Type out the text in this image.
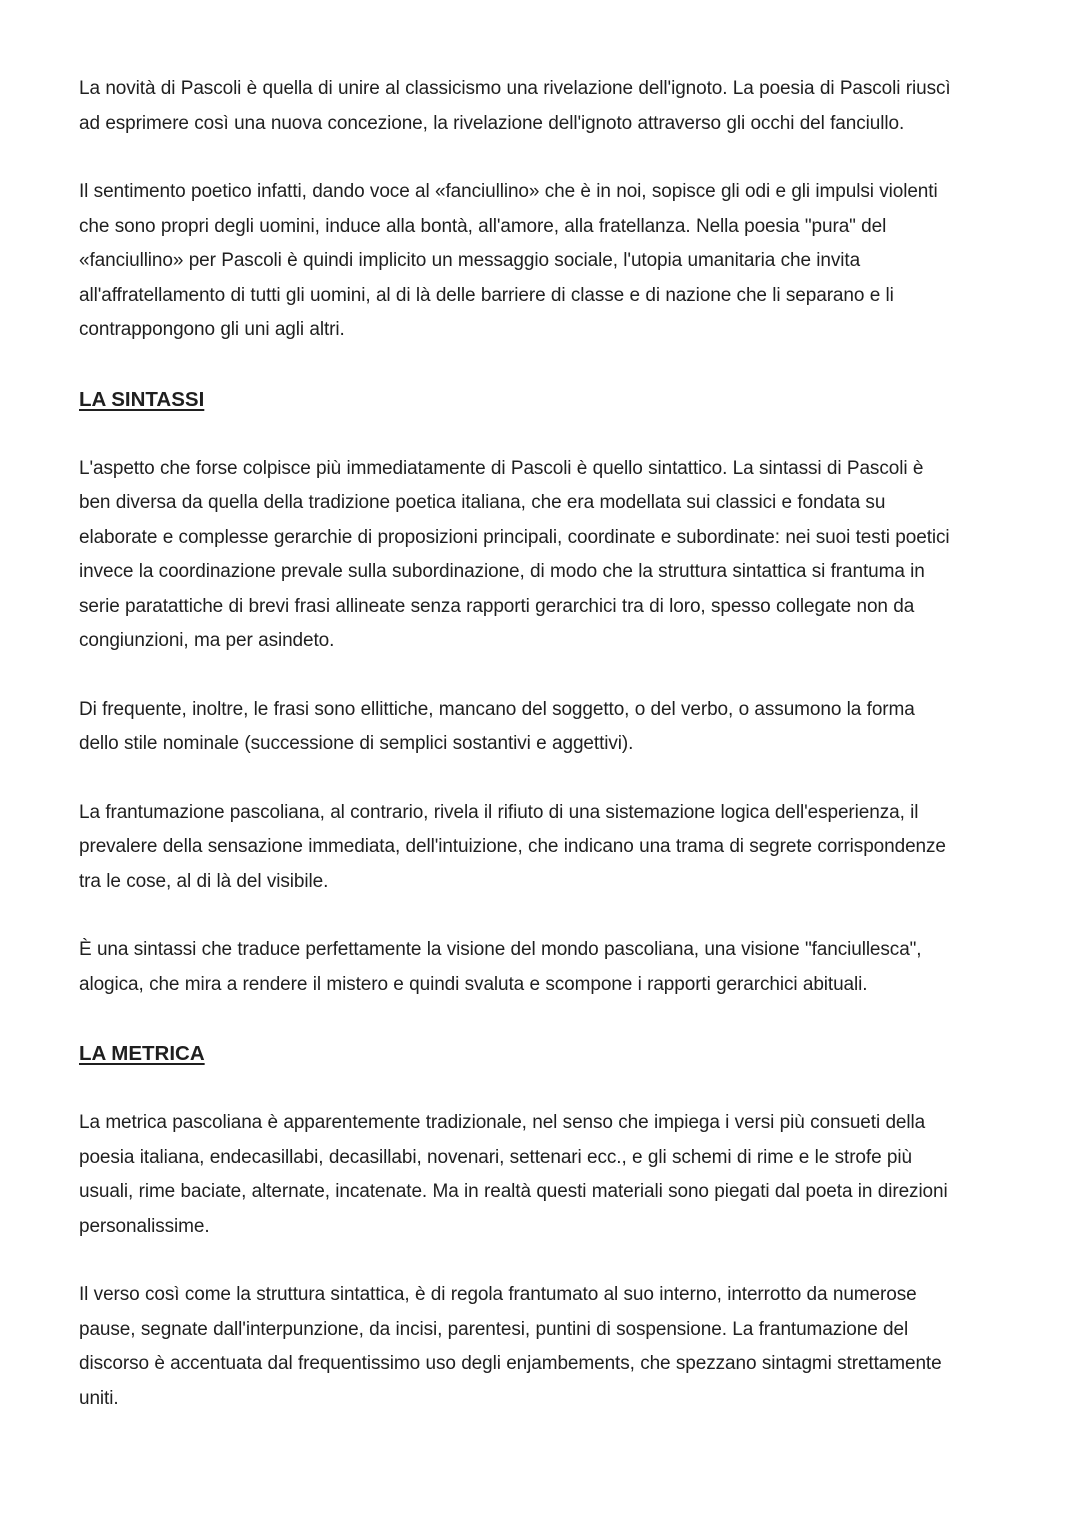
La novità di Pascoli è quella di unire al classicismo una rivelazione dell'ignoto. La poesia di Pascoli riuscì
ad esprimere così una nuova concezione, la rivelazione dell'ignoto attraverso gli occhi del fanciullo.

Il sentimento poetico infatti, dando voce al «fanciullino» che è in noi, sopisce gli odi e gli impulsi violenti
che sono propri degli uomini, induce alla bontà, all'amore, alla fratellanza. Nella poesia "pura" del
«fanciullino» per Pascoli è quindi implicito un messaggio sociale, l'utopia umanitaria che invita
all'affratellamento di tutti gli uomini, al di là delle barriere di classe e di nazione che li separano e li
contrappongono gli uni agli altri.

LA SINTASSI

L'aspetto che forse colpisce più immediatamente di Pascoli è quello sintattico. La sintassi di Pascoli è
ben diversa da quella della tradizione poetica italiana, che era modellata sui classici e fondata su
elaborate e complesse gerarchie di proposizioni principali, coordinate e subordinate: nei suoi testi poetici
invece la coordinazione prevale sulla subordinazione, di modo che la struttura sintattica si frantuma in
serie paratattiche di brevi frasi allineate senza rapporti gerarchici tra di loro, spesso collegate non da
congiunzioni, ma per asindeto.

Di frequente, inoltre, le frasi sono ellittiche, mancano del soggetto, o del verbo, o assumono la forma
dello stile nominale (successione di semplici sostantivi e aggettivi).

La frantumazione pascoliana, al contrario, rivela il rifiuto di una sistemazione logica dell'esperienza, il
prevalere della sensazione immediata, dell'intuizione, che indicano una trama di segrete corrispondenze
tra le cose, al di là del visibile.

È una sintassi che traduce perfettamente la visione del mondo pascoliana, una visione "fanciullesca",
alogica, che mira a rendere il mistero e quindi svaluta e scompone i rapporti gerarchici abituali.

LA METRICA

La metrica pascoliana è apparentemente tradizionale, nel senso che impiega i versi più consueti della
poesia italiana, endecasillabi, decasillabi, novenari, settenari ecc., e gli schemi di rime e le strofe più
usuali, rime baciate, alternate, incatenate. Ma in realtà questi materiali sono piegati dal poeta in direzioni
personalissime.

Il verso così come la struttura sintattica, è di regola frantumato al suo interno, interrotto da numerose
pause, segnate dall'interpunzione, da incisi, parentesi, puntini di sospensione. La frantumazione del
discorso è accentuata dal frequentissimo uso degli enjambements, che spezzano sintagmi strettamente
uniti.
